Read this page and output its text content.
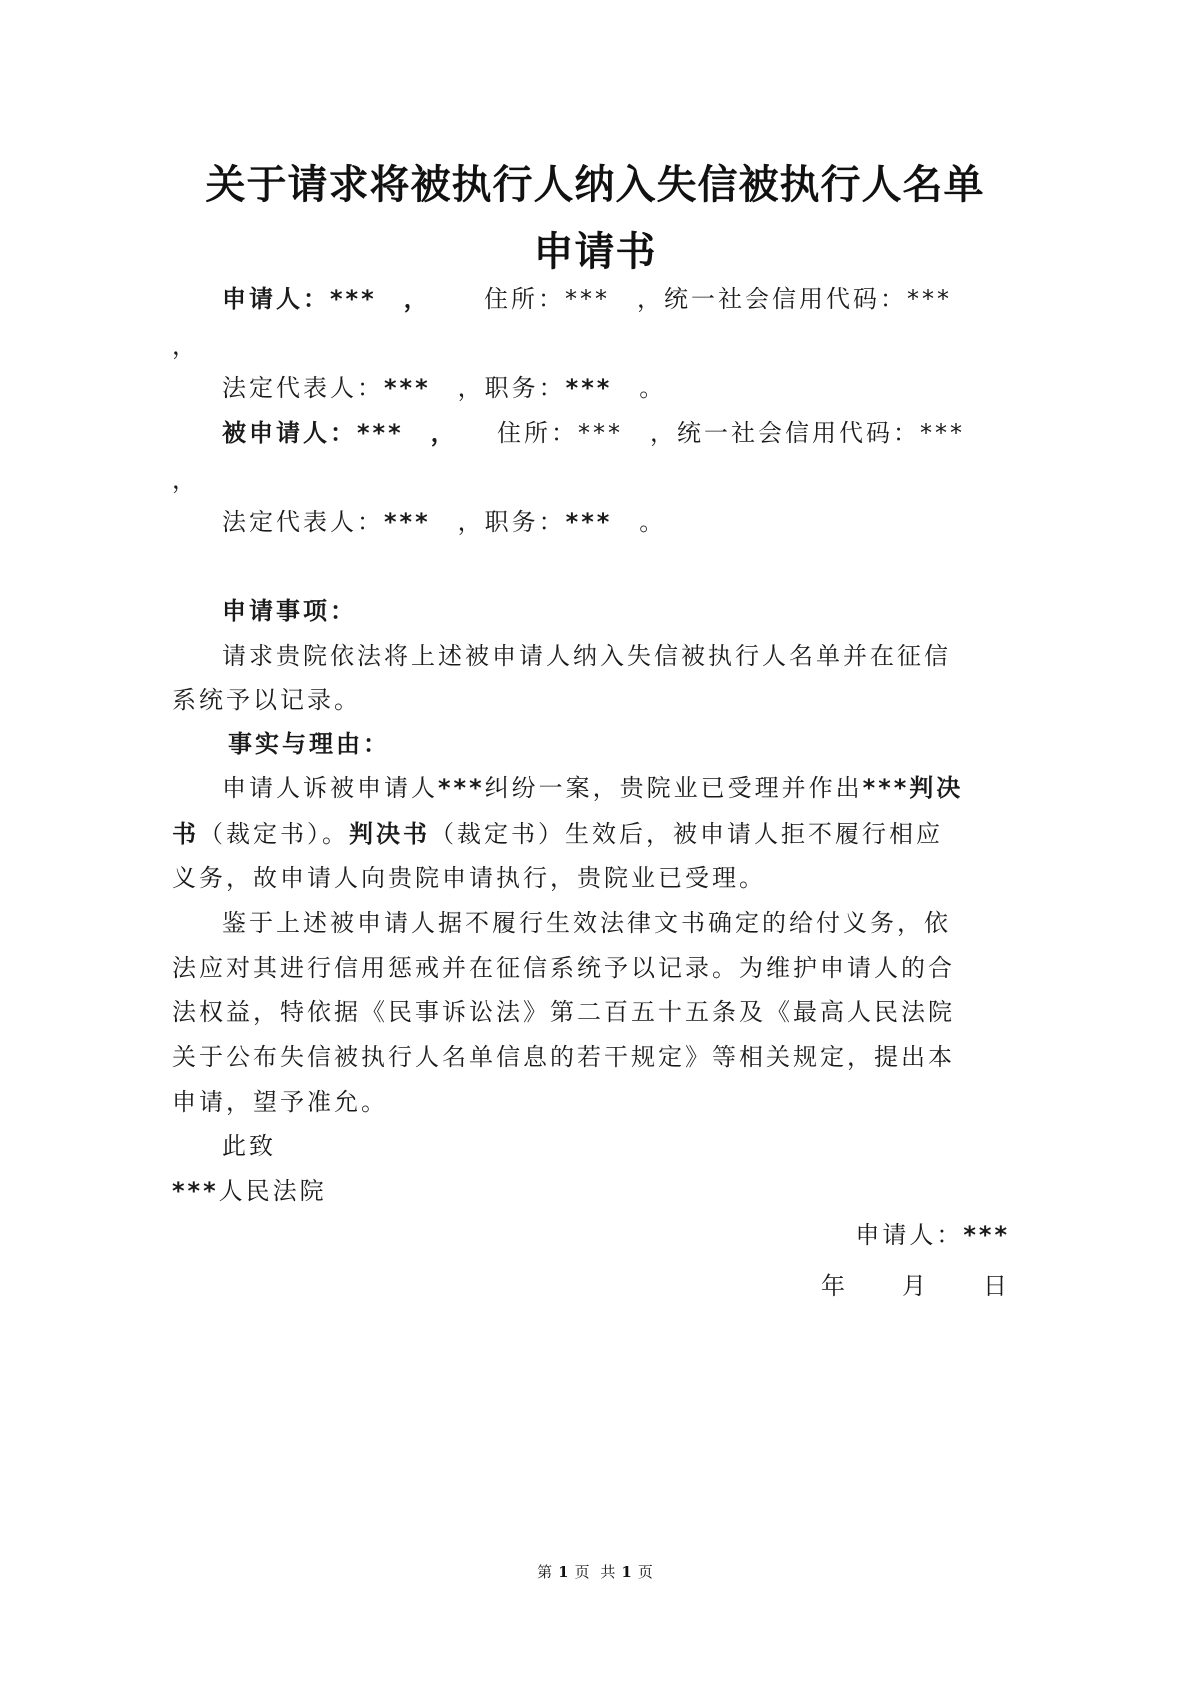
关于请求将被执行人纳入失信被执行人名单
申请书
申请人：***　， 住所：***　，统一社会信用代码：***
，
法定代表人：***　，职务：***　。
被申请人：***　， 住所：***　，统一社会信用代码：***
，
法定代表人：***　，职务：***　。
申请事项：
请求贵院依法将上述被申请人纳入失信被执行人名单并在征信
系统予以记录。
事实与理由：
申请人诉被申请人***纠纷一案，贵院业已受理并作出***判决
书（裁定书）。判决书（裁定书）生效后，被申请人拒不履行相应
义务，故申请人向贵院申请执行，贵院业已受理。
鉴于上述被申请人据不履行生效法律文书确定的给付义务，依
法应对其进行信用惩戒并在征信系统予以记录。为维护申请人的合
法权益，特依据《民事诉讼法》第二百五十五条及《最高人民法院
关于公布失信被执行人名单信息的若干规定》等相关规定，提出本
申请，望予准允。
此致
***人民法院
申请人：***
年　　月　　日
第 1 页 共 1 页
